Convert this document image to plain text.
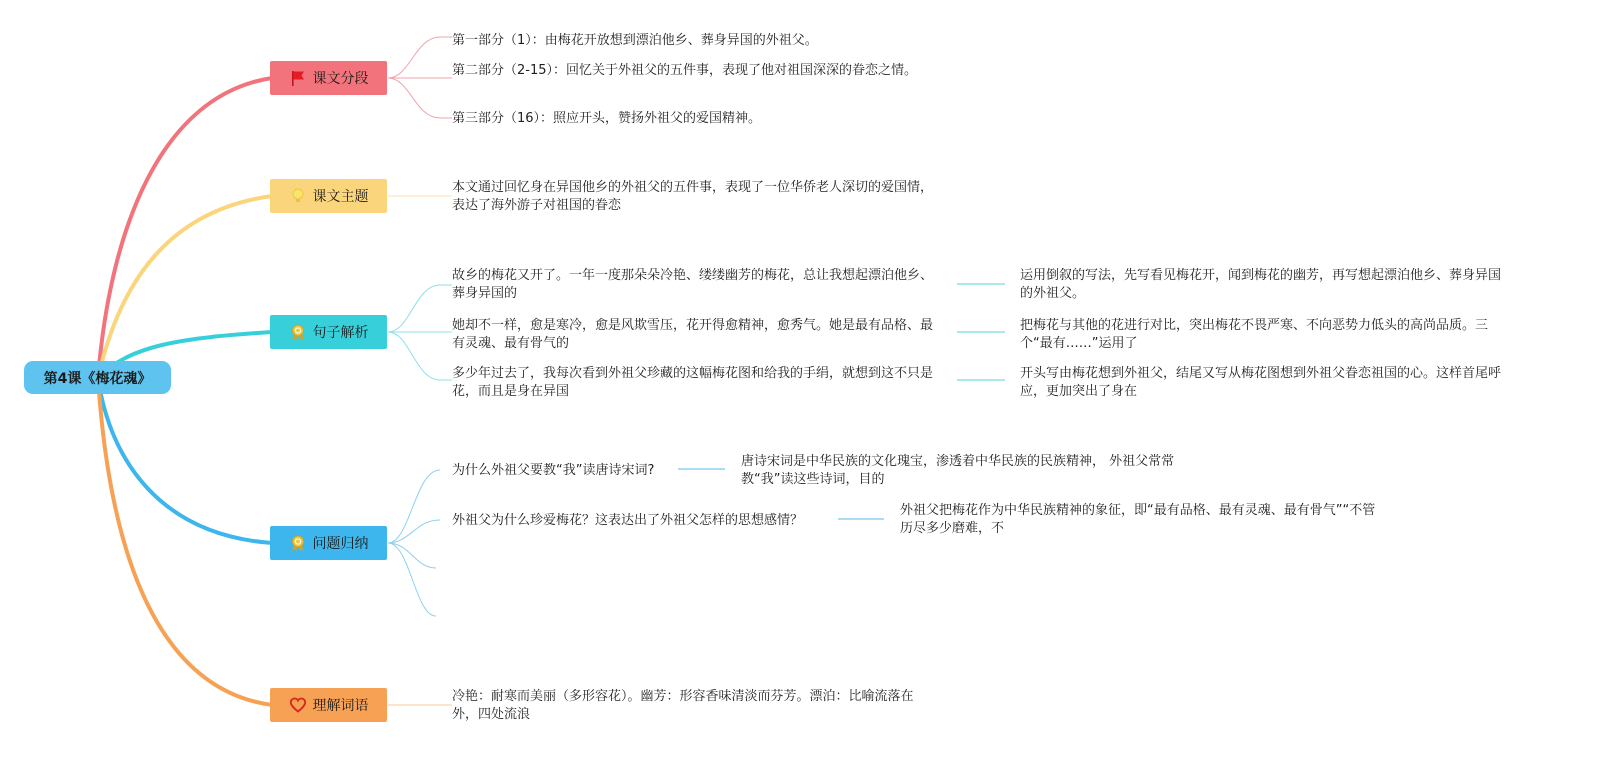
第4课《梅花魂》
课文分段
课文主题
句子解析
问题归纳
理解词语
第一部分（1）：由梅花开放想到漂泊他乡、葬身异国的外祖父。
第二部分（2-15）：回忆关于外祖父的五件事，表现了他对祖国深深的眷恋之情。
第三部分（16）：照应开头，赞扬外祖父的爱国精神。
本文通过回忆身在异国他乡的外祖父的五件事，表现了一位华侨老人深切的爱国情，表达了海外游子对祖国的眷恋
故乡的梅花又开了。一年一度那朵朵冷艳、缕缕幽芳的梅花，总让我想起漂泊他乡、葬身异国的
运用倒叙的写法，先写看见梅花开，闻到梅花的幽芳，再写想起漂泊他乡、葬身异国的外祖父。
她却不一样，愈是寒冷，愈是风欺雪压，花开得愈精神，愈秀气。她是最有品格、最有灵魂、最有骨气的
把梅花与其他的花进行对比，突出梅花不畏严寒、不向恶势力低头的高尚品质。三个“最有……”运用了
多少年过去了，我每次看到外祖父珍藏的这幅梅花图和给我的手绢，就想到这不只是花，而且是身在异国
开头写由梅花想到外祖父，结尾又写从梅花图想到外祖父眷恋祖国的心。这样首尾呼应，更加突出了身在
为什么外祖父要教“我”读唐诗宋词?
唐诗宋词是中华民族的文化瑰宝，渗透着中华民族的民族精神， 外祖父常常教“我”读这些诗词，目的
外祖父为什么珍爱梅花？这表达出了外祖父怎样的思想感情？
外祖父把梅花作为中华民族精神的象征，即“最有品格、最有灵魂、最有骨气”“不管历尽多少磨难，不
冷艳：耐寒而美丽（多形容花）。幽芳：形容香味清淡而芬芳。漂泊：比喻流落在外，四处流浪
